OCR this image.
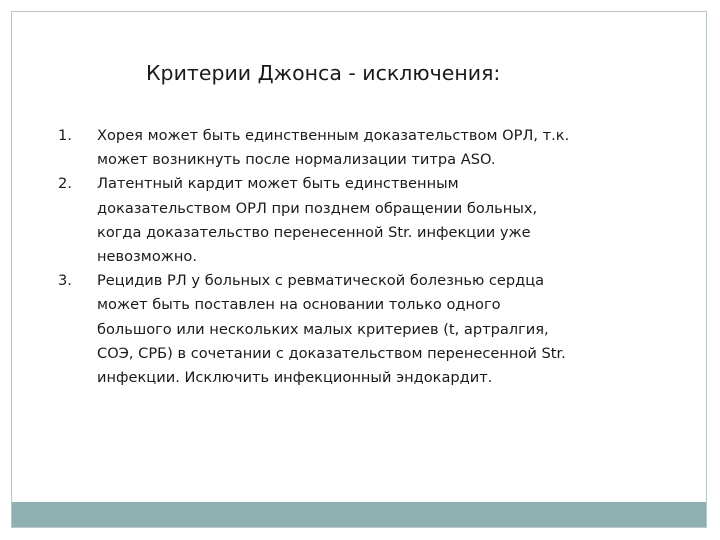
Критерии Джонса - исключения:
1. Хорея может быть единственным доказательством ОРЛ, т.к.
может возникнуть после нормализации титра ASO.
2. Латентный кардит может быть единственным
доказательством ОРЛ при позднем обращении больных,
когда доказательство перенесенной Str. инфекции уже
невозможно.
3. Рецидив РЛ у больных с ревматической болезнью сердца
может быть поставлен на основании только одного
большого или нескольких малых критериев (t, артралгия,
СОЭ, СРБ) в сочетании с доказательством перенесенной Str.
инфекции. Исключить инфекционный эндокардит.
